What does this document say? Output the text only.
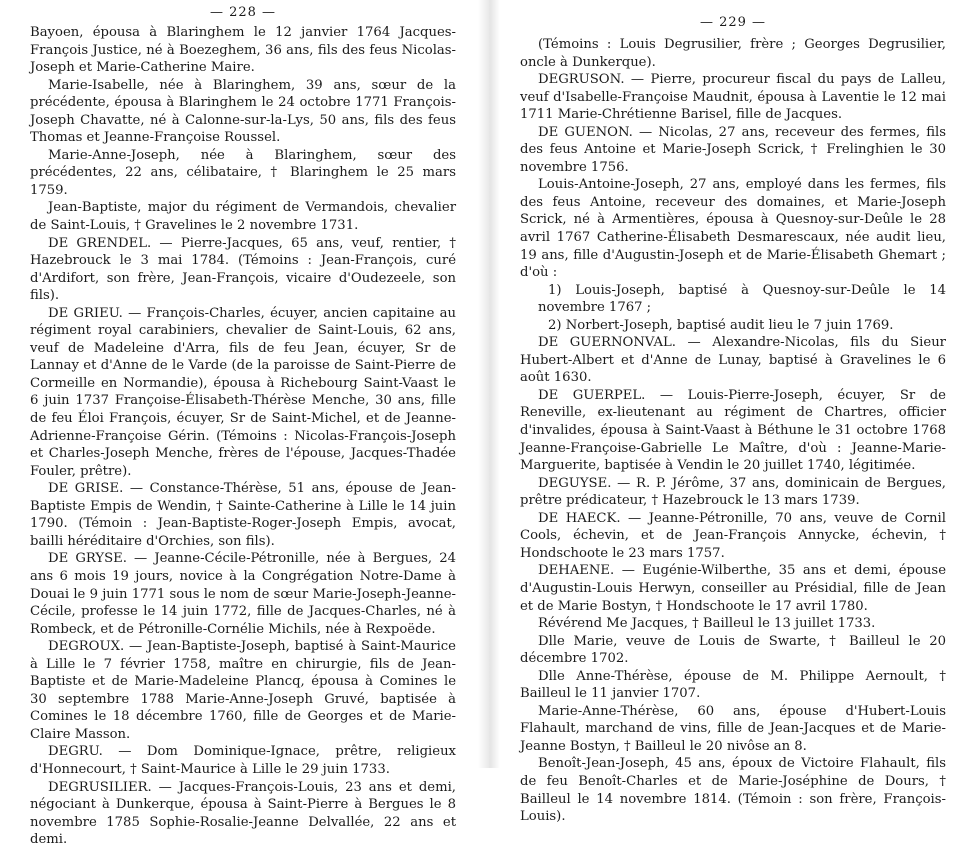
— 228 —

Bayoen, épousa à Blaringhem le 12 janvier 1764 Jacques-François Justice, né à Boezeghem, 36 ans, fils des feus Nicolas-Joseph et Marie-Catherine Maire.

Marie-Isabelle, née à Blaringhem, 39 ans, sœur de la précédente, épousa à Blaringhem le 24 octobre 1771 François-Joseph Chavatte, né à Calonne-sur-la-Lys, 50 ans, fils des feus Thomas et Jeanne-Françoise Roussel.

Marie-Anne-Joseph, née à Blaringhem, sœur des précédentes, 22 ans, célibataire, † Blaringhem le 25 mars 1759.

Jean-Baptiste, major du régiment de Vermandois, chevalier de Saint-Louis, † Gravelines le 2 novembre 1731.

DE GRENDEL. — Pierre-Jacques, 65 ans, veuf, rentier, † Hazebrouck le 3 mai 1784. (Témoins : Jean-François, curé d'Ardifort, son frère, Jean-François, vicaire d'Oudezeele, son fils).

DE GRIEU. — François-Charles, écuyer, ancien capitaine au régiment royal carabiniers, chevalier de Saint-Louis, 62 ans, veuf de Madeleine d'Arra, fils de feu Jean, écuyer, Sr de Lannay et d'Anne de le Varde (de la paroisse de Saint-Pierre de Cormeille en Normandie), épousa à Richebourg Saint-Vaast le 6 juin 1737 Françoise-Élisabeth-Thérèse Menche, 30 ans, fille de feu Éloi François, écuyer, Sr de Saint-Michel, et de Jeanne-Adrienne-Françoise Gérin. (Témoins : Nicolas-François-Joseph et Charles-Joseph Menche, frères de l'épouse, Jacques-Thadée Fouler, prêtre).

DE GRISE. — Constance-Thérèse, 51 ans, épouse de Jean-Baptiste Empis de Wendin, † Sainte-Catherine à Lille le 14 juin 1790. (Témoin : Jean-Baptiste-Roger-Joseph Empis, avocat, bailli héréditaire d'Orchies, son fils).

DE GRYSE. — Jeanne-Cécile-Pétronille, née à Bergues, 24 ans 6 mois 19 jours, novice à la Congrégation Notre-Dame à Douai le 9 juin 1771 sous le nom de sœur Marie-Joseph-Jeanne-Cécile, professe le 14 juin 1772, fille de Jacques-Charles, né à Rombeck, et de Pétronille-Cornélie Michils, née à Rexpoëde.

DEGROUX. — Jean-Baptiste-Joseph, baptisé à Saint-Maurice à Lille le 7 février 1758, maître en chirurgie, fils de Jean-Baptiste et de Marie-Madeleine Plancq, épousa à Comines le 30 septembre 1788 Marie-Anne-Joseph Gruvé, baptisée à Comines le 18 décembre 1760, fille de Georges et de Marie-Claire Masson.

DEGRU. — Dom Dominique-Ignace, prêtre, religieux d'Honnecourt, † Saint-Maurice à Lille le 29 juin 1733.

DEGRUSILIER. — Jacques-François-Louis, 23 ans et demi, négociant à Dunkerque, épousa à Saint-Pierre à Bergues le 8 novembre 1785 Sophie-Rosalie-Jeanne Delvallée, 22 ans et demi.

— 229 —

(Témoins : Louis Degrusilier, frère ; Georges Degrusilier, oncle à Dunkerque).

DEGRUSON. — Pierre, procureur fiscal du pays de Lalleu, veuf d'Isabelle-Françoise Maudnit, épousa à Laventie le 12 mai 1711 Marie-Chrétienne Barisel, fille de Jacques.

DE GUENON. — Nicolas, 27 ans, receveur des fermes, fils des feus Antoine et Marie-Joseph Scrick, † Frelinghien le 30 novembre 1756.

Louis-Antoine-Joseph, 27 ans, employé dans les fermes, fils des feus Antoine, receveur des domaines, et Marie-Joseph Scrick, né à Armentières, épousa à Quesnoy-sur-Deûle le 28 avril 1767 Catherine-Élisabeth Desmarescaux, née audit lieu, 19 ans, fille d'Augustin-Joseph et de Marie-Élisabeth Ghemart ; d'où :

1) Louis-Joseph, baptisé à Quesnoy-sur-Deûle le 14 novembre 1767 ;

2) Norbert-Joseph, baptisé audit lieu le 7 juin 1769.

DE GUERNONVAL. — Alexandre-Nicolas, fils du Sieur Hubert-Albert et d'Anne de Lunay, baptisé à Gravelines le 6 août 1630.

DE GUERPEL. — Louis-Pierre-Joseph, écuyer, Sr de Reneville, ex-lieutenant au régiment de Chartres, officier d'invalides, épousa à Saint-Vaast à Béthune le 31 octobre 1768 Jeanne-Françoise-Gabrielle Le Maître, d'où : Jeanne-Marie-Marguerite, baptisée à Vendin le 20 juillet 1740, légitimée.

DEGUYSE. — R. P. Jérôme, 37 ans, dominicain de Bergues, prêtre prédicateur, † Hazebrouck le 13 mars 1739.

DE HAECK. — Jeanne-Pétronille, 70 ans, veuve de Cornil Cools, échevin, et de Jean-François Annycke, échevin, † Hondschoote le 23 mars 1757.

DEHAENE. — Eugénie-Wilberthe, 35 ans et demi, épouse d'Augustin-Louis Herwyn, conseiller au Présidial, fille de Jean et de Marie Bostyn, † Hondschoote le 17 avril 1780.

Révérend Me Jacques, † Bailleul le 13 juillet 1733.

Dlle Marie, veuve de Louis de Swarte, † Bailleul le 20 décembre 1702.

Dlle Anne-Thérèse, épouse de M. Philippe Aernoult, † Bailleul le 11 janvier 1707.

Marie-Anne-Thérèse, 60 ans, épouse d'Hubert-Louis Flahault, marchand de vins, fille de Jean-Jacques et de Marie-Jeanne Bostyn, † Bailleul le 20 nivôse an 8.

Benoît-Jean-Joseph, 45 ans, époux de Victoire Flahault, fils de feu Benoît-Charles et de Marie-Joséphine de Dours, † Bailleul le 14 novembre 1814. (Témoin : son frère, François-Louis).
